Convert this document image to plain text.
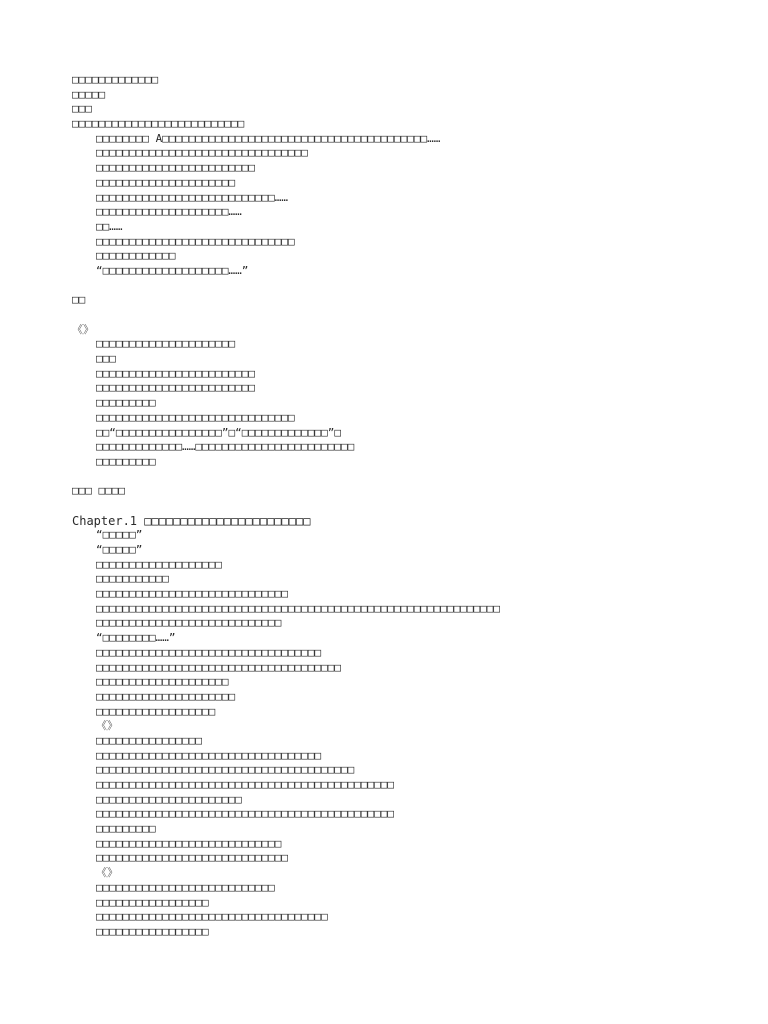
□□□□□□□□□□□□□
□□□□□
□□□
□□□□□□□□□□□□□□□□□□□□□□□□□□
□□□□□□□□ A□□□□□□□□□□□□□□□□□□□□□□□□□□□□□□□□□□□□□□□□……
□□□□□□□□□□□□□□□□□□□□□□□□□□□□□□□□
□□□□□□□□□□□□□□□□□□□□□□□□
□□□□□□□□□□□□□□□□□□□□□
□□□□□□□□□□□□□□□□□□□□□□□□□□□……
□□□□□□□□□□□□□□□□□□□□……
□□……
□□□□□□□□□□□□□□□□□□□□□□□□□□□□□□
□□□□□□□□□□□□
“□□□□□□□□□□□□□□□□□□□……”
□□
《》
□□□□□□□□□□□□□□□□□□□□□
□□□
□□□□□□□□□□□□□□□□□□□□□□□□
□□□□□□□□□□□□□□□□□□□□□□□□
□□□□□□□□□
□□□□□□□□□□□□□□□□□□□□□□□□□□□□□□
□□“□□□□□□□□□□□□□□□□”□“□□□□□□□□□□□□□”□
□□□□□□□□□□□□□……□□□□□□□□□□□□□□□□□□□□□□□□
□□□□□□□□□
□□□ □□□□
Chapter.1 □□□□□□□□□□□□□□□□□□□□□□□
“□□□□□”
“□□□□□”
□□□□□□□□□□□□□□□□□□□
□□□□□□□□□□□
□□□□□□□□□□□□□□□□□□□□□□□□□□□□□
□□□□□□□□□□□□□□□□□□□□□□□□□□□□□□□□□□□□□□□□□□□□□□□□□□□□□□□□□□□□□
□□□□□□□□□□□□□□□□□□□□□□□□□□□□
“□□□□□□□□……”
□□□□□□□□□□□□□□□□□□□□□□□□□□□□□□□□□□
□□□□□□□□□□□□□□□□□□□□□□□□□□□□□□□□□□□□□
□□□□□□□□□□□□□□□□□□□□
□□□□□□□□□□□□□□□□□□□□□
□□□□□□□□□□□□□□□□□□
《》
□□□□□□□□□□□□□□□□
□□□□□□□□□□□□□□□□□□□□□□□□□□□□□□□□□□
□□□□□□□□□□□□□□□□□□□□□□□□□□□□□□□□□□□□□□□
□□□□□□□□□□□□□□□□□□□□□□□□□□□□□□□□□□□□□□□□□□□□□
□□□□□□□□□□□□□□□□□□□□□□
□□□□□□□□□□□□□□□□□□□□□□□□□□□□□□□□□□□□□□□□□□□□□
□□□□□□□□□
□□□□□□□□□□□□□□□□□□□□□□□□□□□□
□□□□□□□□□□□□□□□□□□□□□□□□□□□□□
《》
□□□□□□□□□□□□□□□□□□□□□□□□□□□
□□□□□□□□□□□□□□□□□
□□□□□□□□□□□□□□□□□□□□□□□□□□□□□□□□□□□
□□□□□□□□□□□□□□□□□
